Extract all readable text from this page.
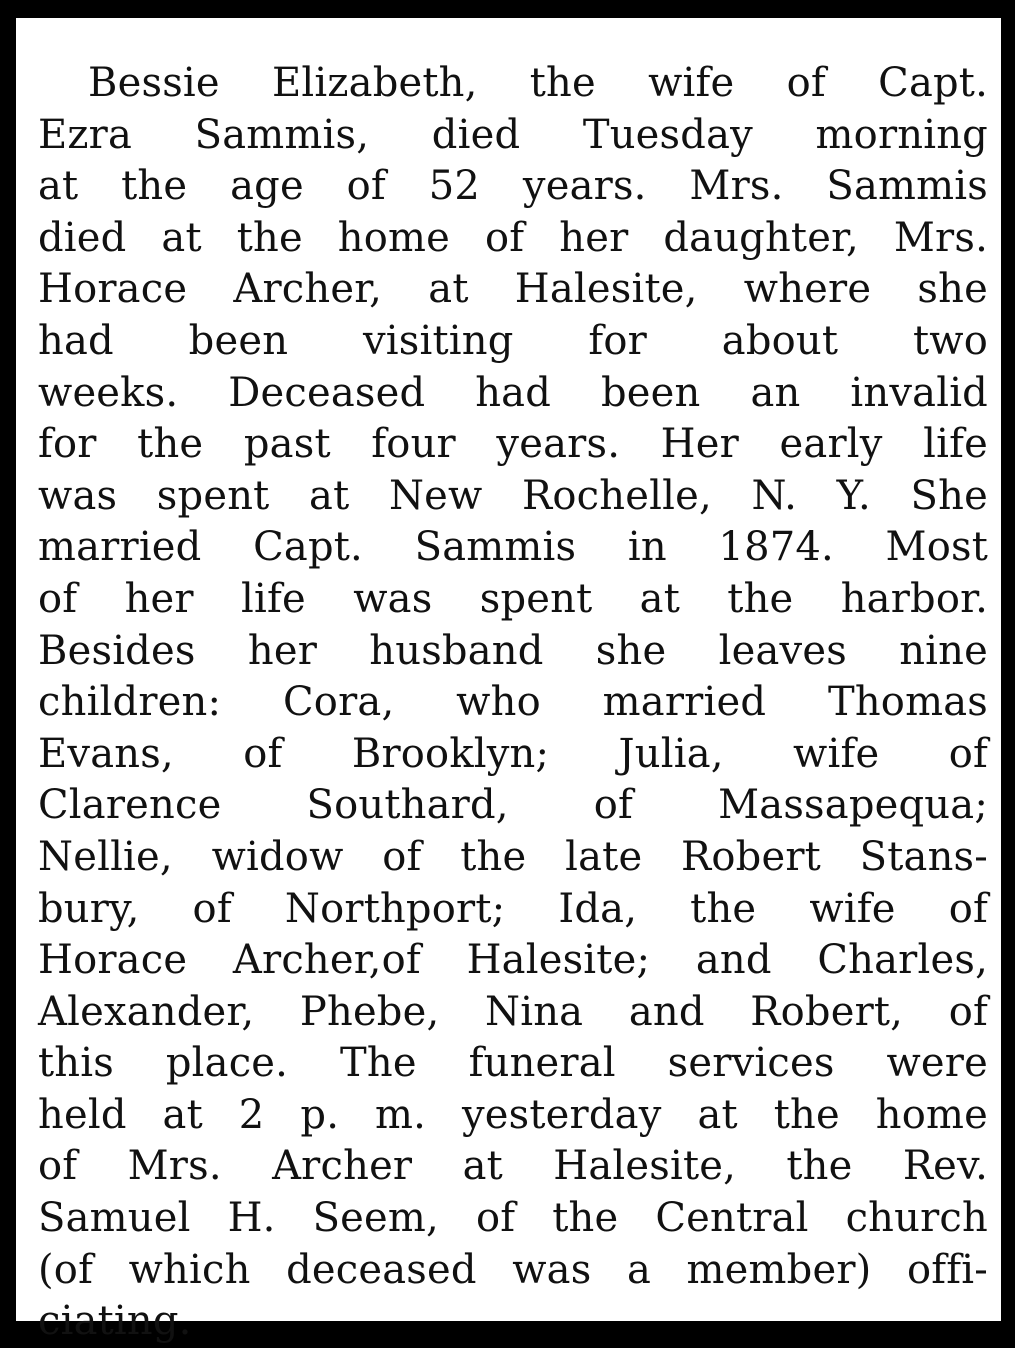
Bessie Elizabeth, the wife of Capt.
Ezra Sammis, died Tuesday morning
at the age of 52 years. Mrs. Sammis
died at the home of her daughter, Mrs.
Horace Archer, at Halesite, where she
had been visiting for about two
weeks. Deceased had been an invalid
for the past four years. Her early life
was spent at New Rochelle, N. Y. She
married Capt. Sammis in 1874. Most
of her life was spent at the harbor.
Besides her husband she leaves nine
children: Cora, who married Thomas
Evans, of Brooklyn; Julia, wife of
Clarence Southard, of Massapequa;
Nellie, widow of the late Robert Stans-
bury, of Northport; Ida, the wife of
Horace Archer,of Halesite; and Charles,
Alexander, Phebe, Nina and Robert, of
this place. The funeral services were
held at 2 p. m. yesterday at the home
of Mrs. Archer at Halesite, the Rev.
Samuel H. Seem, of the Central church
(of which deceased was a member) offi-
ciating.
